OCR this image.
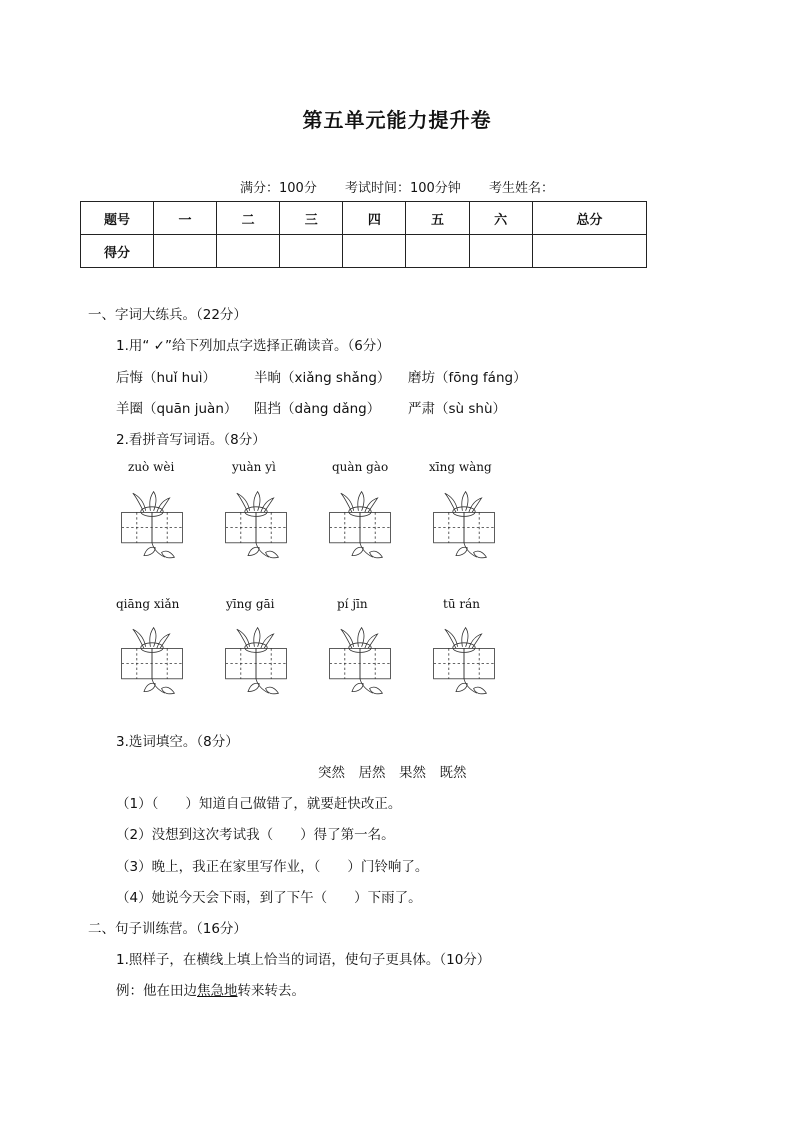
第五单元能力提升卷
满分：100分 考试时间：100分钟 考生姓名：
题号	一	二	三	四	五	六	总分
得分							
一、字词大练兵。（22分）
1.用“ ✓”给下列加点字选择正确读音。（6分）
后悔（huǐ huì）	半晌（xiǎng shǎng） 磨坊（fōng fáng）
羊圈（quān juàn） 阻挡（dàng dǎng） 严肃（sù shù）
2.看拼音写词语。（8分）
zuò wèi	yuàn yì	quàn gào	xīng wàng
qiāng xiǎn	yīng gāi	pí jīn	tū rán
3.选词填空。（8分）
突然　居然　果然　既然
（1）（　　）知道自己做错了，就要赶快改正。
（2）没想到这次考试我（　　）得了第一名。
（3）晚上，我正在家里写作业，（　　）门铃响了。
（4）她说今天会下雨，到了下午（　　）下雨了。
二、句子训练营。（16分）
1.照样子，在横线上填上恰当的词语，使句子更具体。（10分）
例：他在田边焦急地转来转去。
